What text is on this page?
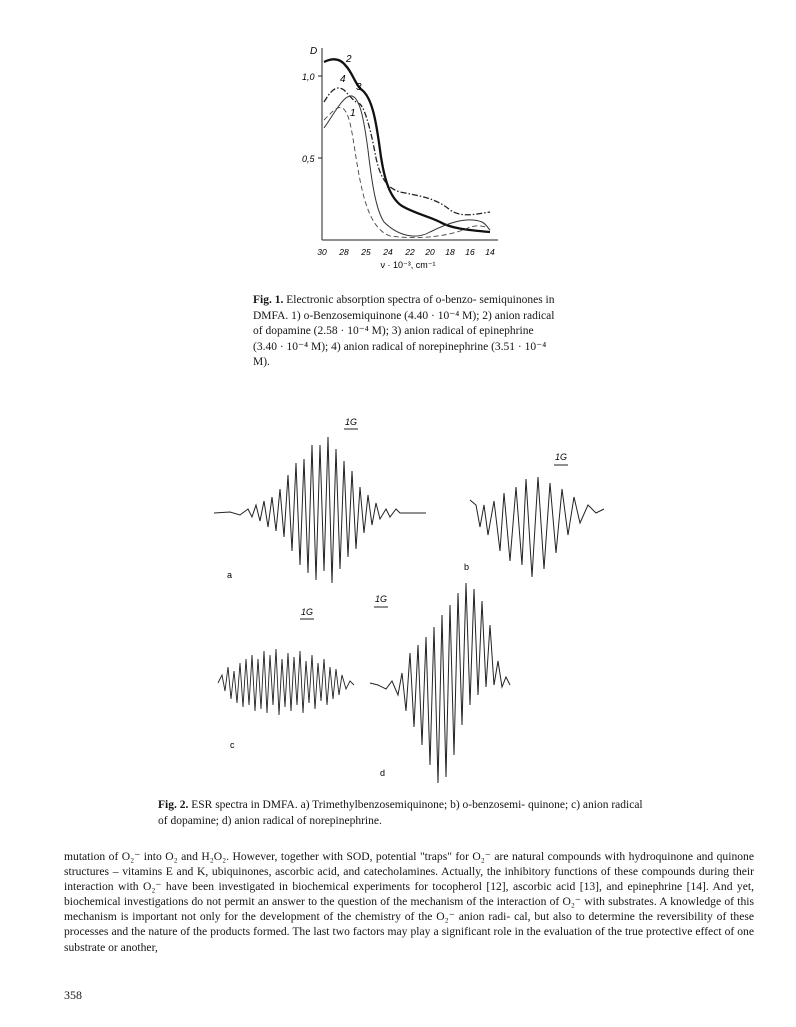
D
1,0
0,5
2
4
3
1
30 28 25 24 22 20 18 16 14
ν · 10⁻³, cm⁻¹
Fig. 1. Electronic absorption spectra of o-benzo- semiquinones in DMFA. 1) o-Benzosemiquinone (4.40 · 10⁻⁴ M); 2) anion radical of dopamine (2.58 · 10⁻⁴ M); 3) anion radical of epinephrine (3.40 · 10⁻⁴ M); 4) anion radical of norepinephrine (3.51 · 10⁻⁴ M).
1G
a
1G
b
1G
c
1G
d
Fig. 2. ESR spectra in DMFA. a) Trimethylbenzosemiquinone; b) o-benzosemi- quinone; c) anion radical of dopamine; d) anion radical of norepinephrine.

mutation of O₂⁻ into O₂ and H₂O₂. However, together with SOD, potential "traps" for O₂⁻ are natural compounds with hydroquinone and quinone structures – vitamins E and K, ubiquinones, ascorbic acid, and catecholamines. Actually, the inhibitory functions of these compounds during their interaction with O₂⁻ have been investigated in biochemical experiments for tocopherol [12], ascorbic acid [13], and epinephrine [14]. And yet, biochemical investigations do not permit an answer to the question of the mechanism of the interaction of O₂⁻ with substrates. A knowledge of this mechanism is important not only for the development of the chemistry of the O₂⁻ anion radi- cal, but also to determine the reversibility of these processes and the nature of the products formed. The last two factors may play a significant role in the evaluation of the true protective effect of one substrate or another,

358
